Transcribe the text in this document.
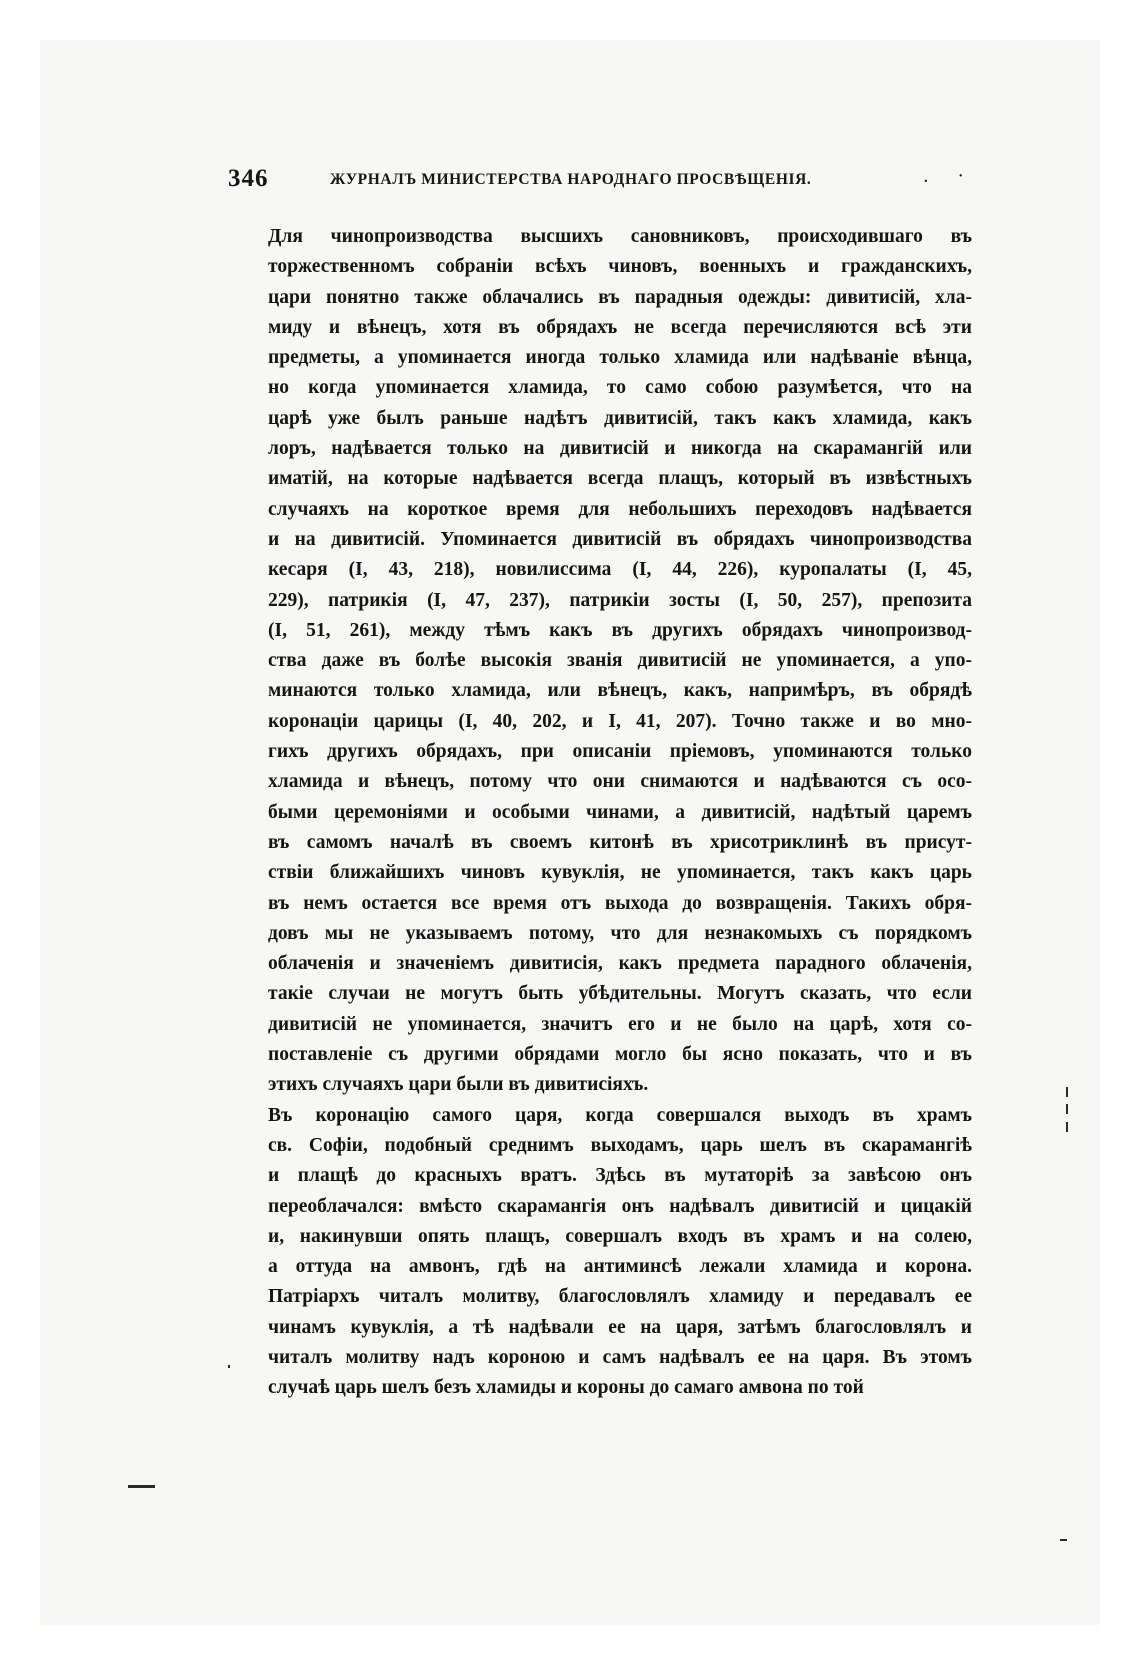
346	ЖУРНАЛЪ МИНИСТЕРСТВА НАРОДНАГО ПРОСВѢЩЕНІЯ.	. ·

Для чинопроизводства высшихъ сановниковъ, происходившаго въ
торжественномъ собраніи всѣхъ чиновъ, военныхъ и гражданскихъ,
цари понятно также облачались въ парадныя одежды: дивитисій, хла-
миду и вѣнецъ, хотя въ обрядахъ не всегда перечисляются всѣ эти
предметы, а упоминается иногда только хламида или надѣваніе вѣнца,
но когда упоминается хламида, то само собою разумѣется, что на
царѣ уже былъ раньше надѣтъ дивитисій, такъ какъ хламида, какъ
лоръ, надѣвается только на дивитисій и никогда на скарамангій или
иматій, на которые надѣвается всегда плащъ, который въ извѣстныхъ
случаяхъ на короткое время для небольшихъ переходовъ надѣвается
и на дивитисій. Упоминается дивитисій въ обрядахъ чинопроизводства
кесаря (I, 43, 218), новилиссима (I, 44, 226), куропалаты (I, 45,
229), патрикія (I, 47, 237), патрикіи зосты (I, 50, 257), препозита
(I, 51, 261), между тѣмъ какъ въ другихъ обрядахъ чинопроизвод-
ства даже въ болѣе высокія званія дивитисій не упоминается, а упо-
минаются только хламида, или вѣнецъ, какъ, напримѣръ, въ обрядѣ
коронаціи царицы (I, 40, 202, и I, 41, 207). Точно также и во мно-
гихъ другихъ обрядахъ, при описаніи пріемовъ, упоминаются только
хламида и вѣнецъ, потому что они снимаются и надѣваются съ осо-
быми церемоніями и особыми чинами, а дивитисій, надѣтый царемъ
въ самомъ началѣ въ своемъ китонѣ въ хрисотриклинѣ въ присут-
ствіи ближайшихъ чиновъ кувуклія, не упоминается, такъ какъ царь
въ немъ остается все время отъ выхода до возвращенія. Такихъ обря-
довъ мы не указываемъ потому, что для незнакомыхъ съ порядкомъ
облаченія и значеніемъ дивитисія, какъ предмета парадного облаченія,
такіе случаи не могутъ быть убѣдительны. Могутъ сказать, что если
дивитисій не упоминается, значитъ его и не было на царѣ, хотя со-
поставленіе съ другими обрядами могло бы ясно показать, что и въ
этихъ случаяхъ цари были въ дивитисіяхъ.

Въ коронацію самого царя, когда совершался выходъ въ храмъ
св. Софіи, подобный среднимъ выходамъ, царь шелъ въ скарамангіѣ
и плащѣ до красныхъ вратъ. Здѣсь въ мутаторіѣ за завѣсою онъ
переоблачался: вмѣсто скарамангія онъ надѣвалъ дивитисій и цицакій
и, накинувши опять плащъ, совершалъ входъ въ храмъ и на солею,
а оттуда на амвонъ, гдѣ на антиминсѣ лежали хламида и корона.
Патріархъ читалъ молитву, благословлялъ хламиду и передавалъ ее
чинамъ кувуклія, а тѣ надѣвали ее на царя, затѣмъ благословлялъ и
читалъ молитву надъ короною и самъ надѣвалъ ее на царя. Въ этомъ
случаѣ царь шелъ безъ хламиды и короны до самаго амвона по той
